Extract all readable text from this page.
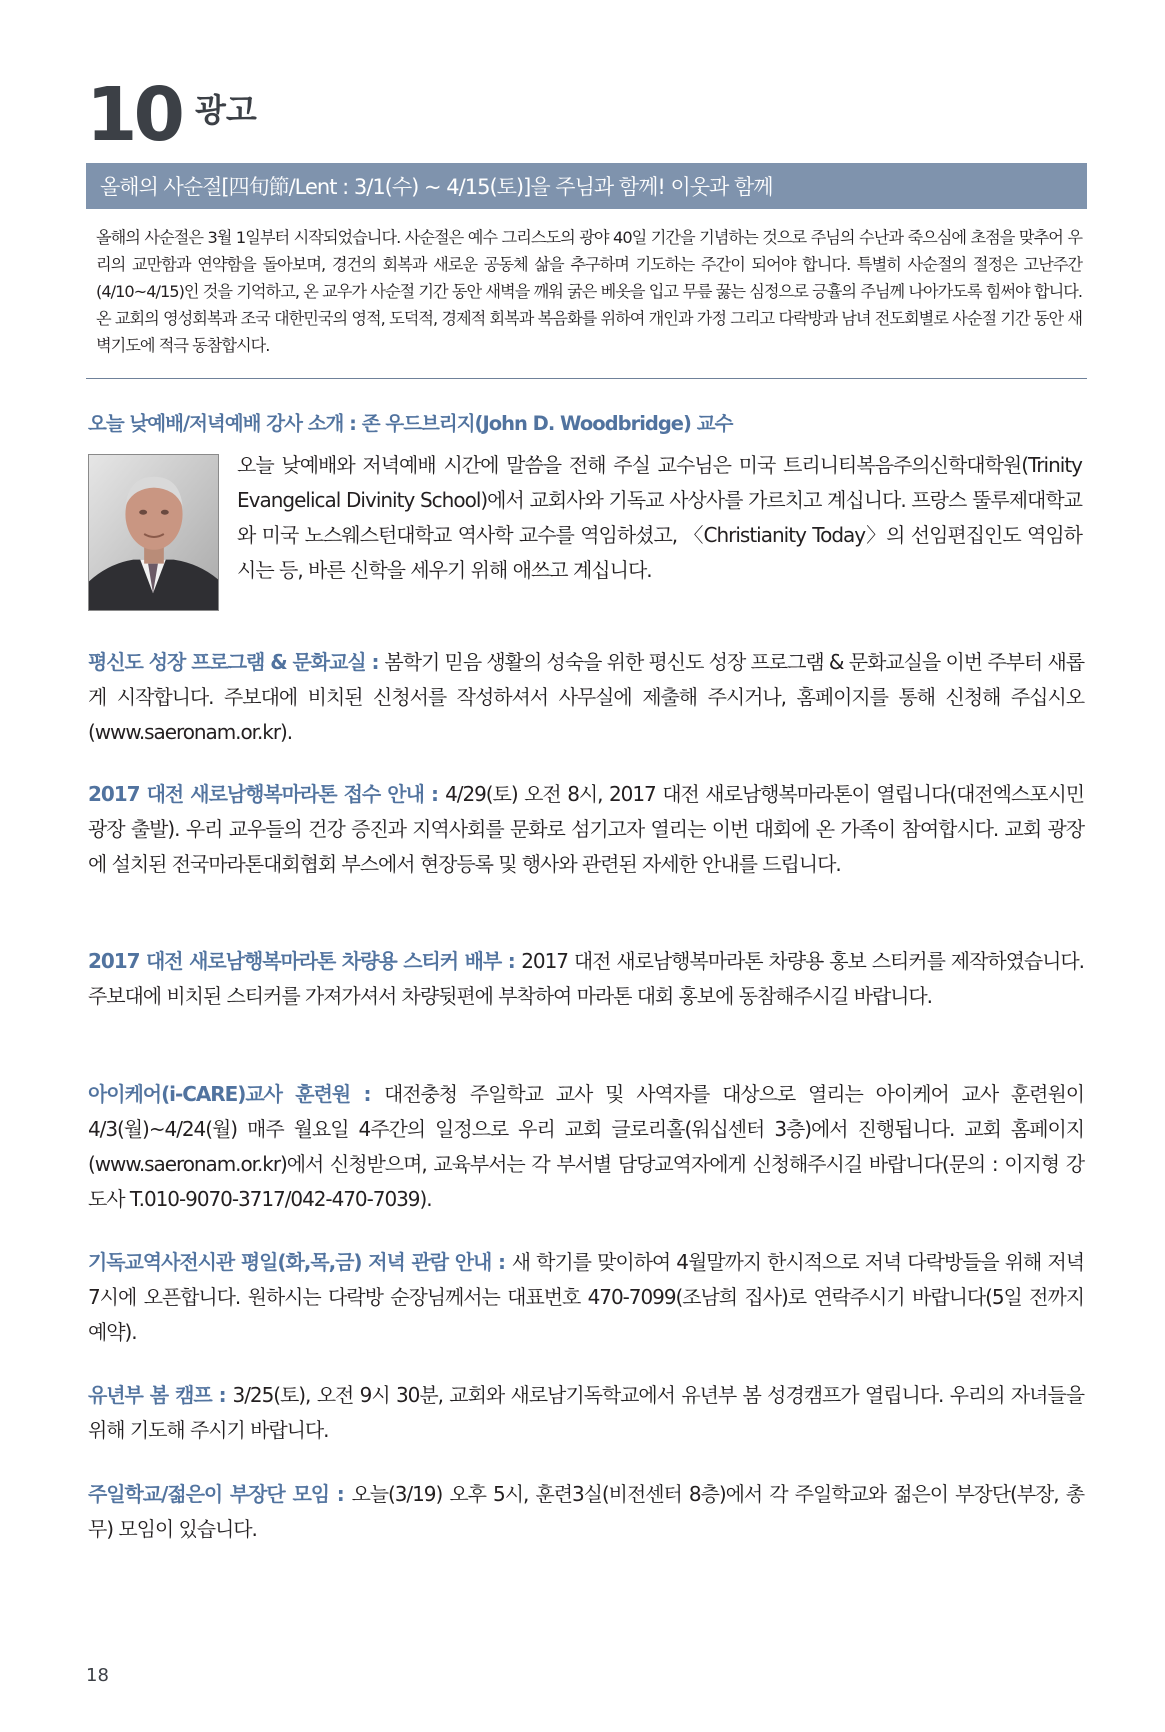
10 광고
올해의 사순절[四旬節/Lent : 3/1(수) ~ 4/15(토)]을 주님과 함께! 이웃과 함께
올해의 사순절은 3월 1일부터 시작되었습니다. 사순절은 예수 그리스도의 광야 40일 기간을 기념하는 것으로 주님의 수난과 죽으심에 초점을 맞추어 우리의 교만함과 연약함을 돌아보며, 경건의 회복과 새로운 공동체 삶을 추구하며 기도하는 주간이 되어야 합니다. 특별히 사순절의 절정은 고난주간(4/10~4/15)인 것을 기억하고, 온 교우가 사순절 기간 동안 새벽을 깨워 굵은 베옷을 입고 무릎 꿇는 심정으로 긍휼의 주님께 나아가도록 힘써야 합니다. 온 교회의 영성회복과 조국 대한민국의 영적, 도덕적, 경제적 회복과 복음화를 위하여 개인과 가정 그리고 다락방과 남녀 전도회별로 사순절 기간 동안 새벽기도에 적극 동참합시다.
오늘 낮예배/저녁예배 강사 소개 : 존 우드브리지(John D. Woodbridge) 교수
오늘 낮예배와 저녁예배 시간에 말씀을 전해 주실 교수님은 미국 트리니티복음주의신학대학원(Trinity Evangelical Divinity School)에서 교회사와 기독교 사상사를 가르치고 계십니다. 프랑스 뚤루제대학교와 미국 노스웨스턴대학교 역사학 교수를 역임하셨고, 〈Christianity Today〉의 선임편집인도 역임하시는 등, 바른 신학을 세우기 위해 애쓰고 계십니다.
평신도 성장 프로그램 & 문화교실 : 봄학기 믿음 생활의 성숙을 위한 평신도 성장 프로그램 & 문화교실을 이번 주부터 새롭게 시작합니다. 주보대에 비치된 신청서를 작성하셔서 사무실에 제출해 주시거나, 홈페이지를 통해 신청해 주십시오(www.saeronam.or.kr).
2017 대전 새로남행복마라톤 접수 안내 : 4/29(토) 오전 8시, 2017 대전 새로남행복마라톤이 열립니다(대전엑스포시민광장 출발). 우리 교우들의 건강 증진과 지역사회를 문화로 섬기고자 열리는 이번 대회에 온 가족이 참여합시다. 교회 광장에 설치된 전국마라톤대회협회 부스에서 현장등록 및 행사와 관련된 자세한 안내를 드립니다.
2017 대전 새로남행복마라톤 차량용 스티커 배부 : 2017 대전 새로남행복마라톤 차량용 홍보 스티커를 제작하였습니다. 주보대에 비치된 스티커를 가져가셔서 차량뒷편에 부착하여 마라톤 대회 홍보에 동참해주시길 바랍니다.
아이케어(i-CARE)교사 훈련원 : 대전충청 주일학교 교사 및 사역자를 대상으로 열리는 아이케어 교사 훈련원이 4/3(월)~4/24(월) 매주 월요일 4주간의 일정으로 우리 교회 글로리홀(워십센터 3층)에서 진행됩니다. 교회 홈페이지(www.saeronam.or.kr)에서 신청받으며, 교육부서는 각 부서별 담당교역자에게 신청해주시길 바랍니다(문의 : 이지형 강도사 T.010-9070-3717/042-470-7039).
기독교역사전시관 평일(화,목,금) 저녁 관람 안내 : 새 학기를 맞이하여 4월말까지 한시적으로 저녁 다락방들을 위해 저녁 7시에 오픈합니다. 원하시는 다락방 순장님께서는 대표번호 470-7099(조남희 집사)로 연락주시기 바랍니다(5일 전까지 예약).
유년부 봄 캠프 : 3/25(토), 오전 9시 30분, 교회와 새로남기독학교에서 유년부 봄 성경캠프가 열립니다. 우리의 자녀들을 위해 기도해 주시기 바랍니다.
주일학교/젊은이 부장단 모임 : 오늘(3/19) 오후 5시, 훈련3실(비전센터 8층)에서 각 주일학교와 젊은이 부장단(부장, 총무) 모임이 있습니다.
18
